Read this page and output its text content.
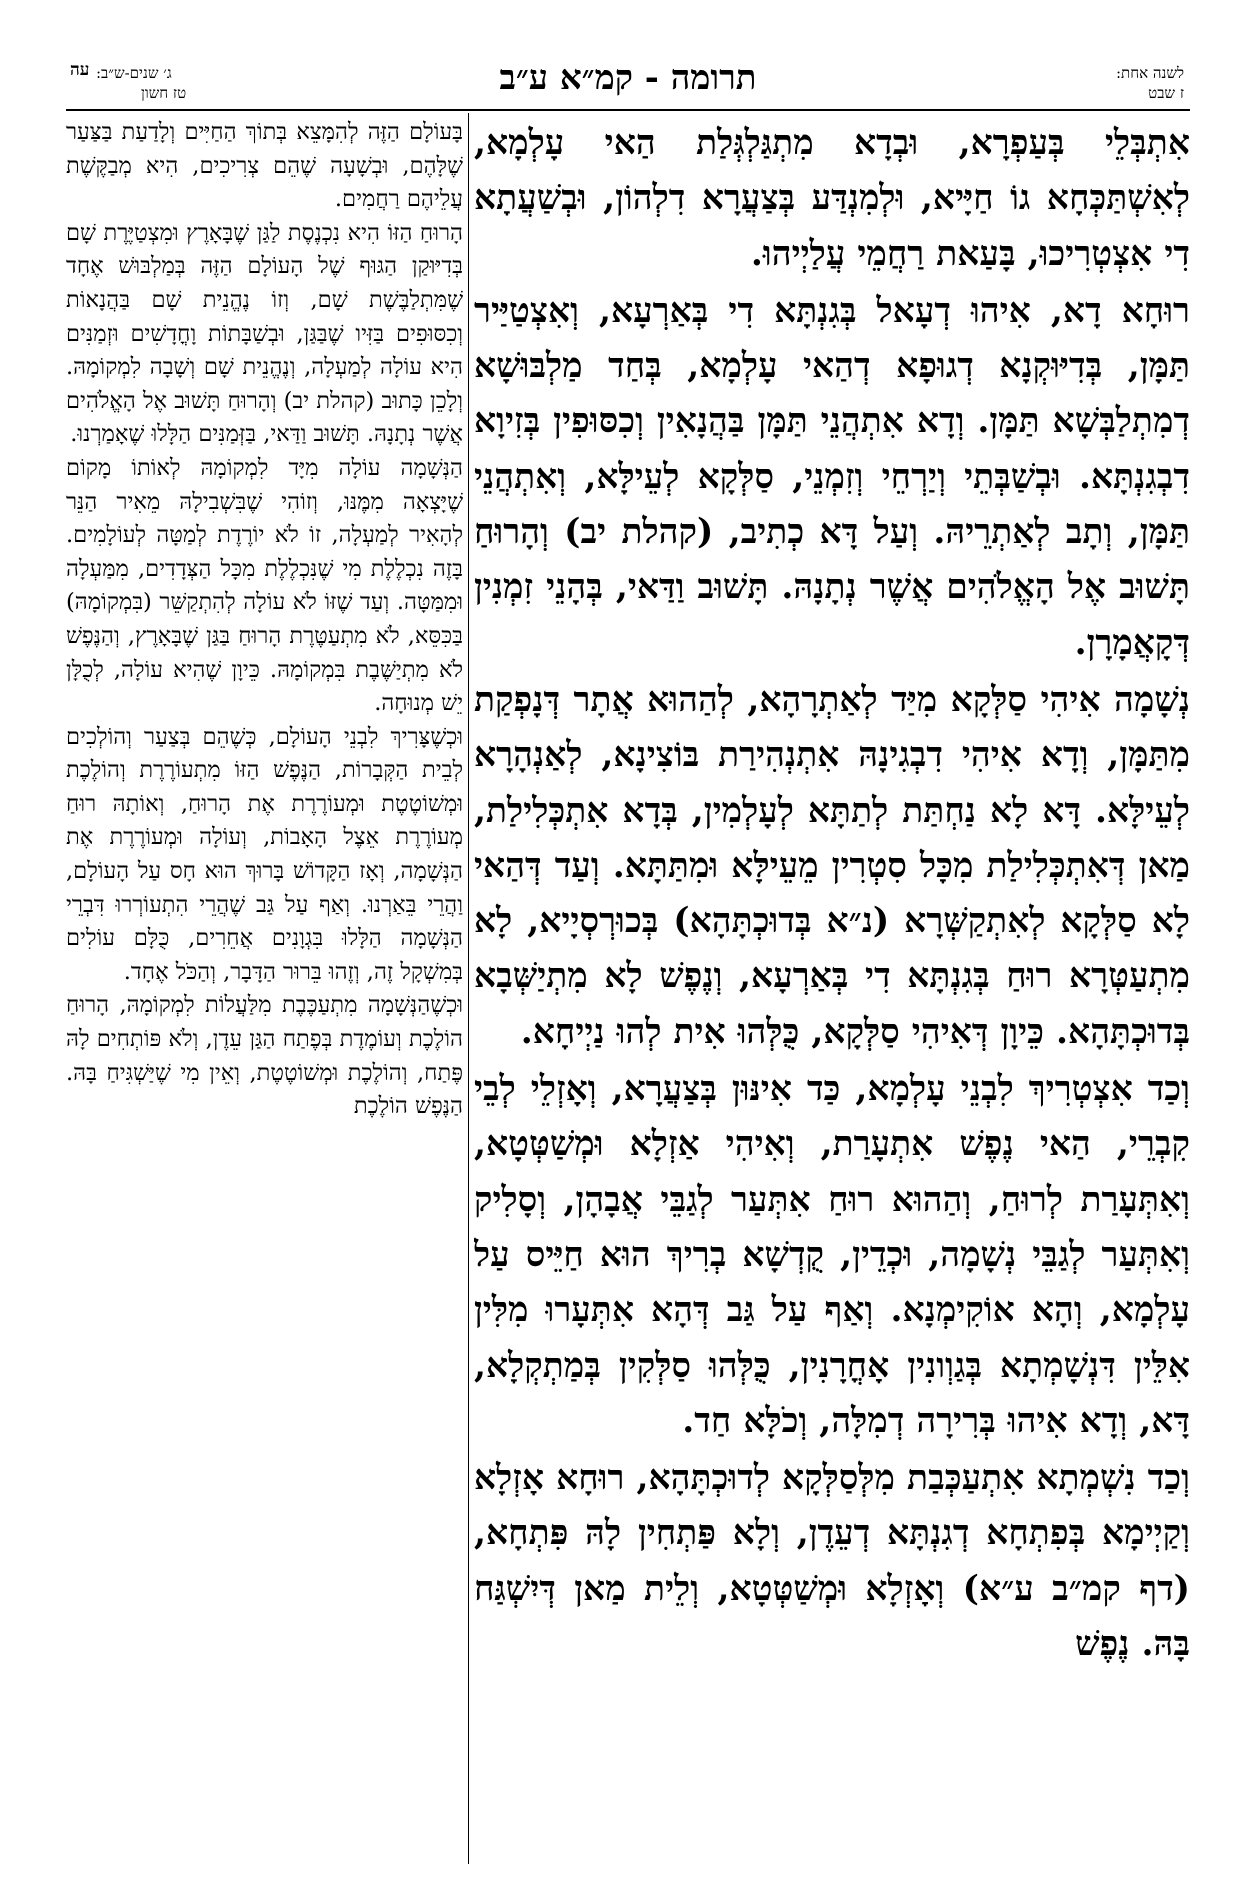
ג׳ שנים-ש״ב:
טז חשון	תרומה - קמ״א ע״ב	לשנה אחת:
ז שבט
עה

אִתְבְּלֵי בְּעַפְרָא, וּבְדָא מִתְגַּלְגְּלַת הַאי עָלְמָא, לְאִשְׁתַּכְּחָא גוֹ חַיָּיא, וּלְמִנְדַּע בְּצַעֲרָא דִלְהוֹן, וּבְשַׁעֲתָא דִי אִצְטְרִיכוּ, בָּעַאת רַחֲמֵי עֲלַיְיהוּ.

רוּחָא דָא, אִיהוּ דְעָאל בְּגִנְתָּא דִי בְּאַרְעָא, וְאִצְטַיַּיר תַּמָּן, בְּדִיּוּקְנָא דְגוּפָא דְהַאי עָלְמָא, בְּחַד מַלְבּוּשָׁא דְמִתְלַבְּשָׁא תַּמָּן. וְדָא אִתְהֲנֵי תַּמָּן בַּהֲנָאִין וְכִסּוּפִין בְּזִיוָא דִבְגִנְתָּא. וּבְשַׁבְּתֵי וְיַרְחֵי וְזִמְנֵי, סַלְּקָא לְעֵילָּא, וְאִתְהֲנֵי תַּמָּן, וְתָב לְאַתְרֵיהּ. וְעַל דָּא כְתִיב, (קהלת יב) וְהָרוּחַ תָּשׁוּב אֶל הָאֱלֹהִים אֲשֶׁר נְתָנָהּ. תָּשׁוּב וַדַּאי, בְּהָנֵי זִמְנִין דְּקָאֲמָרָן.

נְשָׁמָה אִיהִי סַלְּקָא מִיַּד לְאַתְרָהָא, לְהַהוּא אֲתָר דְּנָפְקַת מִתַּמָּן, וְדָא אִיהִי דִבְגִינָהּ אִתְנְהִירַת בּוֹצִינָא, לְאַנְהָרָא לְעֵילָּא. דָּא לָא נַחְתַּת לְתַתָּא לְעָלְמִין, בְּדָא אִתְכְּלִילַת, מַאן דְּאִתְכְּלִילַת מִכָּל סִטְרִין מֵעֵילָּא וּמִתַּתָּא. וְעַד דְּהַאי לָא סַלְּקָא לְאִתְקַשְּׁרָא (נ״א בְּדוּכְתָּהָא) בְּכוּרְסְיָיא, לָא מִתְעַטְּרָא רוּחַ בְּגִנְתָּא דִי בְּאַרְעָא, וְנֶפֶשׁ לָא מִתְיַשְּׁבָא בְּדוּכְתָּהָא. כֵּיוָן דְּאִיהִי סַלְּקָא, כֻּלְּהוּ אִית לְהוּ נַיְיחָא.

וְכַד אִצְטְרִיךְ לִבְנֵי עָלְמָא, כַּד אִינּוּן בְּצַעֲרָא, וְאָזְלֵי לְבֵי קִבְרֵי, הַאי נֶפֶשׁ אִתְעָרַת, וְאִיהִי אַזְלָא וּמְשַׁטְּטָא, וְאִתְּעָרַת לְרוּחַ, וְהַהוּא רוּחַ אִתְּעַר לְגַבֵּי אֲבָהָן, וְסָלִיק וְאִתְּעַר לְגַבֵּי נְשָׁמָה, וּכְדֵין, קֻדְשָׁא בְרִיךְ הוּא חַיֵּיס עַל עָלְמָא, וְהָא אוֹקִימְנָא. וְאַף עַל גַּב דְּהָא אִתְּעָרוּ מִלִּין אִלֵּין דִּנְשָׁמְתָא בְּגַוְונִין אָחֳרָנִין, כֻּלְּהוּ סַלְּקִין בְּמַתְקְלָא, דָּא, וְדָא אִיהוּ בְּרִירָה דְמִלָּה, וְכֹלָּא חַד.

וְכַד נִשְׁמְתָא אִתְעַכְּבַת מִלְּסַלְּקָא לְדוּכְתָּהָא, רוּחָא אָזְלָא וְקַיְימָא בְּפִתְחָא דְגִנְתָּא דְעֵדֶן, וְלָא פַּתְחִין לָהּ פִּתְחָא, (דף קמ״ב ע״א) וְאָזְלָא וּמְשַׁטְּטָא, וְלֵית מַאן דְּיִשְׁגַּח בָּהּ. נֶפֶשׁ

בָּעוֹלָם הַזֶּה לְהִמָּצֵא בְּתוֹךְ הַחַיִּים וְלָדַעַת בַּצַּעַר שֶׁלָּהֶם, וּבְשָׁעָה שֶׁהֵם צְרִיכִים, הִיא מְבַקֶּשֶׁת עֲלֵיהֶם רַחֲמִים.

הָרוּחַ הַזּוֹ הִיא נִכְנֶסֶת לַגַּן שֶׁבָּאָרֶץ וּמִצְטַיֶּרֶת שָׁם בְּדִיּוּקַן הַגּוּף שֶׁל הָעוֹלָם הַזֶּה בְּמַלְבּוּשׁ אֶחָד שֶׁמִּתְלַבֶּשֶׁת שָׁם, וְזוֹ נֶהֱנֵית שָׁם בַּהֲנָאוֹת וְכִסּוּפִים בַּזִּיו שֶׁבַּגַּן, וּבְשַׁבָּתוֹת וָחֳדָשִׁים וּזְמַנִּים הִיא עוֹלָה לְמַעְלָה, וְנֶהֱנֵית שָׁם וְשָׁבָה לִמְקוֹמָהּ. וְלָכֵן כָּתוּב (קהלת יב) וְהָרוּחַ תָּשׁוּב אֶל הָאֱלֹהִים אֲשֶׁר נְתָנָהּ. תָּשׁוּב וַדַּאי, בַּזְּמַנִּים הַלָּלוּ שֶׁאָמַרְנוּ.

הַנְּשָׁמָה עוֹלָה מִיָּד לִמְקוֹמָהּ לְאוֹתוֹ מָקוֹם שֶׁיָּצְאָה מִמֶּנּוּ, וְזוֹהִי שֶׁבִּשְׁבִילָהּ מֵאִיר הַנֵּר לְהָאִיר לְמַעְלָה, זוֹ לֹא יוֹרֶדֶת לְמַטָּה לְעוֹלָמִים. בָּזֶה נִכְלֶלֶת מִי שֶׁנִּכְלֶלֶת מִכָּל הַצְּדָדִים, מִמַּעְלָה וּמִמַּטָּה. וְעַד שֶׁזּוֹ לֹא עוֹלָה לְהִתְקַשֵּׁר (בִּמְקוֹמָהּ) בַּכִּסֵּא, לֹא מִתְעַטֶּרֶת הָרוּחַ בַּגַּן שֶׁבָּאָרֶץ, וְהַנֶּפֶשׁ לֹא מִתְיַשֶּׁבֶת בִּמְקוֹמָהּ. כֵּיוָן שֶׁהִיא עוֹלָה, לְכֻלָּן יֵשׁ מְנוּחָה.

וּכְשֶׁצָּרִיךְ לִבְנֵי הָעוֹלָם, כְּשֶׁהֵם בְּצַעַר וְהוֹלְכִים לְבֵית הַקְּבָרוֹת, הַנֶּפֶשׁ הַזּוֹ מִתְעוֹרֶרֶת וְהוֹלֶכֶת וּמְשׁוֹטֶטֶת וּמְעוֹרֶרֶת אֶת הָרוּחַ, וְאוֹתָהּ רוּחַ מְעוֹרֶרֶת אֵצֶל הָאָבוֹת, וְעוֹלָה וּמְעוֹרֶרֶת אֶת הַנְּשָׁמָה, וְאָז הַקָּדוֹשׁ בָּרוּךְ הוּא חָס עַל הָעוֹלָם, וַהֲרֵי בֵּאַרְנוּ. וְאַף עַל גַּב שֶׁהֲרֵי הִתְעוֹרְרוּ דִּבְרֵי הַנְּשָׁמָה הַלָּלוּ בִּגְוָנִים אֲחֵרִים, כֻּלָּם עוֹלִים בְּמִשְׁקָל זֶה, וְזֶהוּ בֵּרוּר הַדָּבָר, וְהַכֹּל אֶחָד.

וּכְשֶׁהַנְּשָׁמָה מִתְעַכֶּבֶת מִלַּעֲלוֹת לִמְקוֹמָהּ, הָרוּחַ הוֹלֶכֶת וְעוֹמֶדֶת בְּפֶתַח הַגַּן עֵדֶן, וְלֹא פּוֹתְחִים לָהּ פֶּתַח, וְהוֹלֶכֶת וּמְשׁוֹטֶטֶת, וְאֵין מִי שֶׁיַּשְׁגִּיחַ בָּהּ. הַנֶּפֶשׁ הוֹלֶכֶת
